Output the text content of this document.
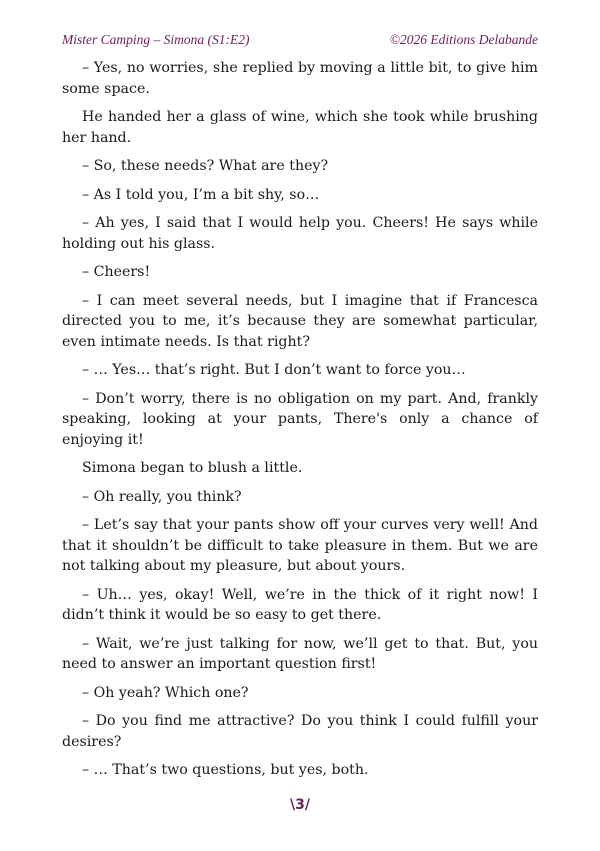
Mister Camping – Simona (S1:E2)	©2026 Editions Delabande

– Yes, no worries, she replied by moving a little bit, to give him some space.

He handed her a glass of wine, which she took while brushing her hand.

– So, these needs? What are they?

– As I told you, I’m a bit shy, so…

– Ah yes, I said that I would help you. Cheers! He says while holding out his glass.

– Cheers!

– I can meet several needs, but I imagine that if Francesca directed you to me, it’s because they are somewhat particular, even intimate needs. Is that right?

– … Yes… that’s right. But I don’t want to force you…

– Don’t worry, there is no obligation on my part. And, frankly speaking, looking at your pants, There's only a chance of enjoying it!

Simona began to blush a little.

– Oh really, you think?

– Let’s say that your pants show off your curves very well! And that it shouldn’t be difficult to take pleasure in them. But we are not talking about my pleasure, but about yours.

– Uh… yes, okay! Well, we’re in the thick of it right now! I didn’t think it would be so easy to get there.

– Wait, we’re just talking for now, we’ll get to that. But, you need to answer an important question first!

– Oh yeah? Which one?

– Do you find me attractive? Do you think I could fulfill your desires?

– … That’s two questions, but yes, both.

\3/
